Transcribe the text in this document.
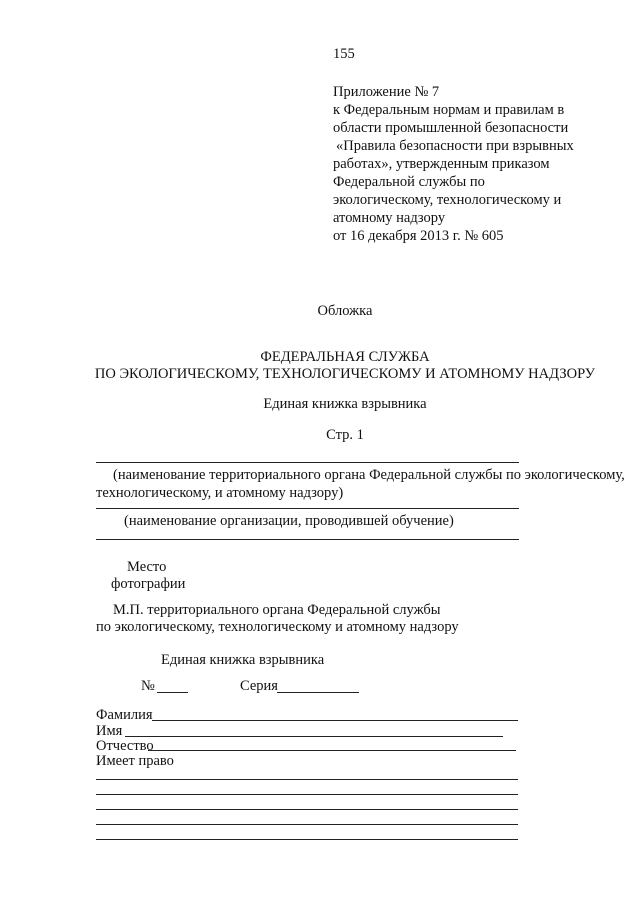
155
Приложение № 7
к Федеральным нормам и правилам в
области промышленной безопасности
«Правила безопасности при взрывных
работах», утвержденным приказом
Федеральной службы по
экологическому, технологическому и
атомному надзору
от 16 декабря 2013 г. № 605
Обложка
ФЕДЕРАЛЬНАЯ СЛУЖБА
ПО ЭКОЛОГИЧЕСКОМУ, ТЕХНОЛОГИЧЕСКОМУ И АТОМНОМУ НАДЗОРУ
Единая книжка взрывника
Стр. 1
(наименование территориального органа Федеральной службы по экологическому,
технологическому, и атомному надзору)
(наименование организации, проводившей обучение)
Место
фотографии
М.П. территориального органа Федеральной службы
по экологическому, технологическому и атомному надзору
Единая книжка взрывника
№	Серия
Фамилия
Имя
Отчество
Имеет право
